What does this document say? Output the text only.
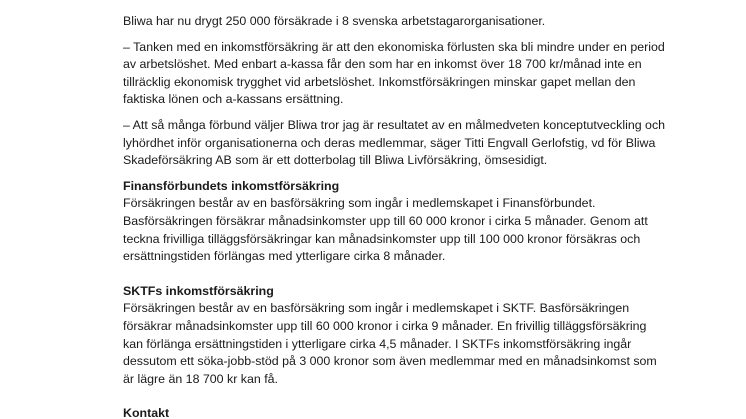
Bliwa har nu drygt 250 000 försäkrade i 8 svenska arbetstagarorganisationer.

– Tanken med en inkomstförsäkring är att den ekonomiska förlusten ska bli mindre under en period av arbetslöshet. Med enbart a-kassa får den som har en inkomst över 18 700 kr/månad inte en tillräcklig ekonomisk trygghet vid arbetslöshet. Inkomstförsäkringen minskar gapet mellan den faktiska lönen och a-kassans ersättning.

– Att så många förbund väljer Bliwa tror jag är resultatet av en målmedveten konceptutveckling och lyhördhet inför organisationerna och deras medlemmar, säger Titti Engvall Gerlofstig, vd för Bliwa Skadeförsäkring AB som är ett dotterbolag till Bliwa Livförsäkring, ömsesidigt.

Finansförbundets inkomstförsäkring

Försäkringen består av en basförsäkring som ingår i medlemskapet i Finansförbundet. Basförsäkringen försäkrar månadsinkomster upp till 60 000 kronor i cirka 5 månader. Genom att teckna frivilliga tilläggsförsäkringar kan månadsinkomster upp till 100 000 kronor försäkras och ersättningstiden förlängas med ytterligare cirka 8 månader.

SKTFs inkomstförsäkring

Försäkringen består av en basförsäkring som ingår i medlemskapet i SKTF. Basförsäkringen försäkrar månadsinkomster upp till 60 000 kronor i cirka 9 månader. En frivillig tilläggsförsäkring kan förlänga ersättningstiden i ytterligare cirka 4,5 månader. I SKTFs inkomstförsäkring ingår dessutom ett söka-jobb-stöd på 3 000 kronor som även medlemmar med en månadsinkomst som är lägre än 18 700 kr kan få.

Kontakt
